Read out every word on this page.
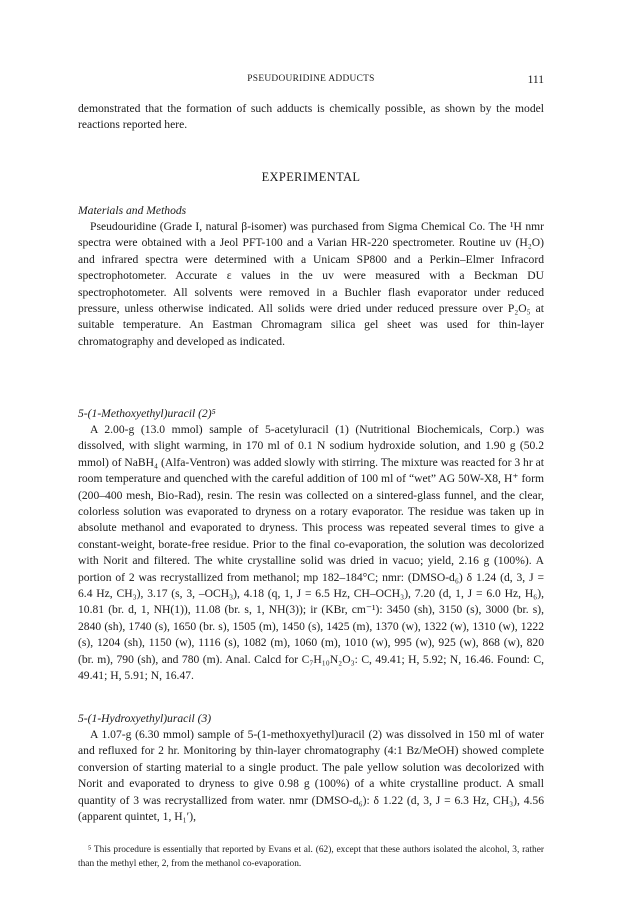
PSEUDOURIDINE ADDUCTS	111

demonstrated that the formation of such adducts is chemically possible, as shown by the model reactions reported here.

EXPERIMENTAL

Materials and Methods

Pseudouridine (Grade I, natural β-isomer) was purchased from Sigma Chemical Co. The ¹H nmr spectra were obtained with a Jeol PFT-100 and a Varian HR-220 spectrometer. Routine uv (H₂O) and infrared spectra were determined with a Unicam SP800 and a Perkin–Elmer Infracord spectrophotometer. Accurate ε values in the uv were measured with a Beckman DU spectrophotometer. All solvents were removed in a Buchler flash evaporator under reduced pressure, unless otherwise indicated. All solids were dried under reduced pressure over P₂O₅ at suitable temperature. An Eastman Chromagram silica gel sheet was used for thin-layer chromatography and developed as indicated.

5-(1-Methoxyethyl)uracil (2)⁵

A 2.00-g (13.0 mmol) sample of 5-acetyluracil (1) (Nutritional Biochemicals, Corp.) was dissolved, with slight warming, in 170 ml of 0.1 N sodium hydroxide solution, and 1.90 g (50.2 mmol) of NaBH₄ (Alfa-Ventron) was added slowly with stirring. The mixture was reacted for 3 hr at room temperature and quenched with the careful addition of 100 ml of “wet” AG 50W-X8, H⁺ form (200–400 mesh, Bio-Rad), resin. The resin was collected on a sintered-glass funnel, and the clear, colorless solution was evaporated to dryness on a rotary evaporator. The residue was taken up in absolute methanol and evaporated to dryness. This process was repeated several times to give a constant-weight, borate-free residue. Prior to the final co-evaporation, the solution was decolorized with Norit and filtered. The white crystalline solid was dried in vacuo; yield, 2.16 g (100%). A portion of 2 was recrystallized from methanol; mp 182–184°C; nmr: (DMSO-d₆) δ 1.24 (d, 3, J = 6.4 Hz, CH₃), 3.17 (s, 3, –OCH₃), 4.18 (q, 1, J = 6.5 Hz, CH–OCH₃), 7.20 (d, 1, J = 6.0 Hz, H₆), 10.81 (br. d, 1, NH(1)), 11.08 (br. s, 1, NH(3)); ir (KBr, cm⁻¹): 3450 (sh), 3150 (s), 3000 (br. s), 2840 (sh), 1740 (s), 1650 (br. s), 1505 (m), 1450 (s), 1425 (m), 1370 (w), 1322 (w), 1310 (w), 1222 (s), 1204 (sh), 1150 (w), 1116 (s), 1082 (m), 1060 (m), 1010 (w), 995 (w), 925 (w), 868 (w), 820 (br. m), 790 (sh), and 780 (m). Anal. Calcd for C₇H₁₀N₂O₃: C, 49.41; H, 5.92; N, 16.46. Found: C, 49.41; H, 5.91; N, 16.47.

5-(1-Hydroxyethyl)uracil (3)

A 1.07-g (6.30 mmol) sample of 5-(1-methoxyethyl)uracil (2) was dissolved in 150 ml of water and refluxed for 2 hr. Monitoring by thin-layer chromatography (4:1 Bz/MeOH) showed complete conversion of starting material to a single product. The pale yellow solution was decolorized with Norit and evaporated to dryness to give 0.98 g (100%) of a white crystalline product. A small quantity of 3 was recrystallized from water. nmr (DMSO-d₆): δ 1.22 (d, 3, J = 6.3 Hz, CH₃), 4.56 (apparent quintet, 1, H₁′),

⁵ This procedure is essentially that reported by Evans et al. (62), except that these authors isolated the alcohol, 3, rather than the methyl ether, 2, from the methanol co-evaporation.
